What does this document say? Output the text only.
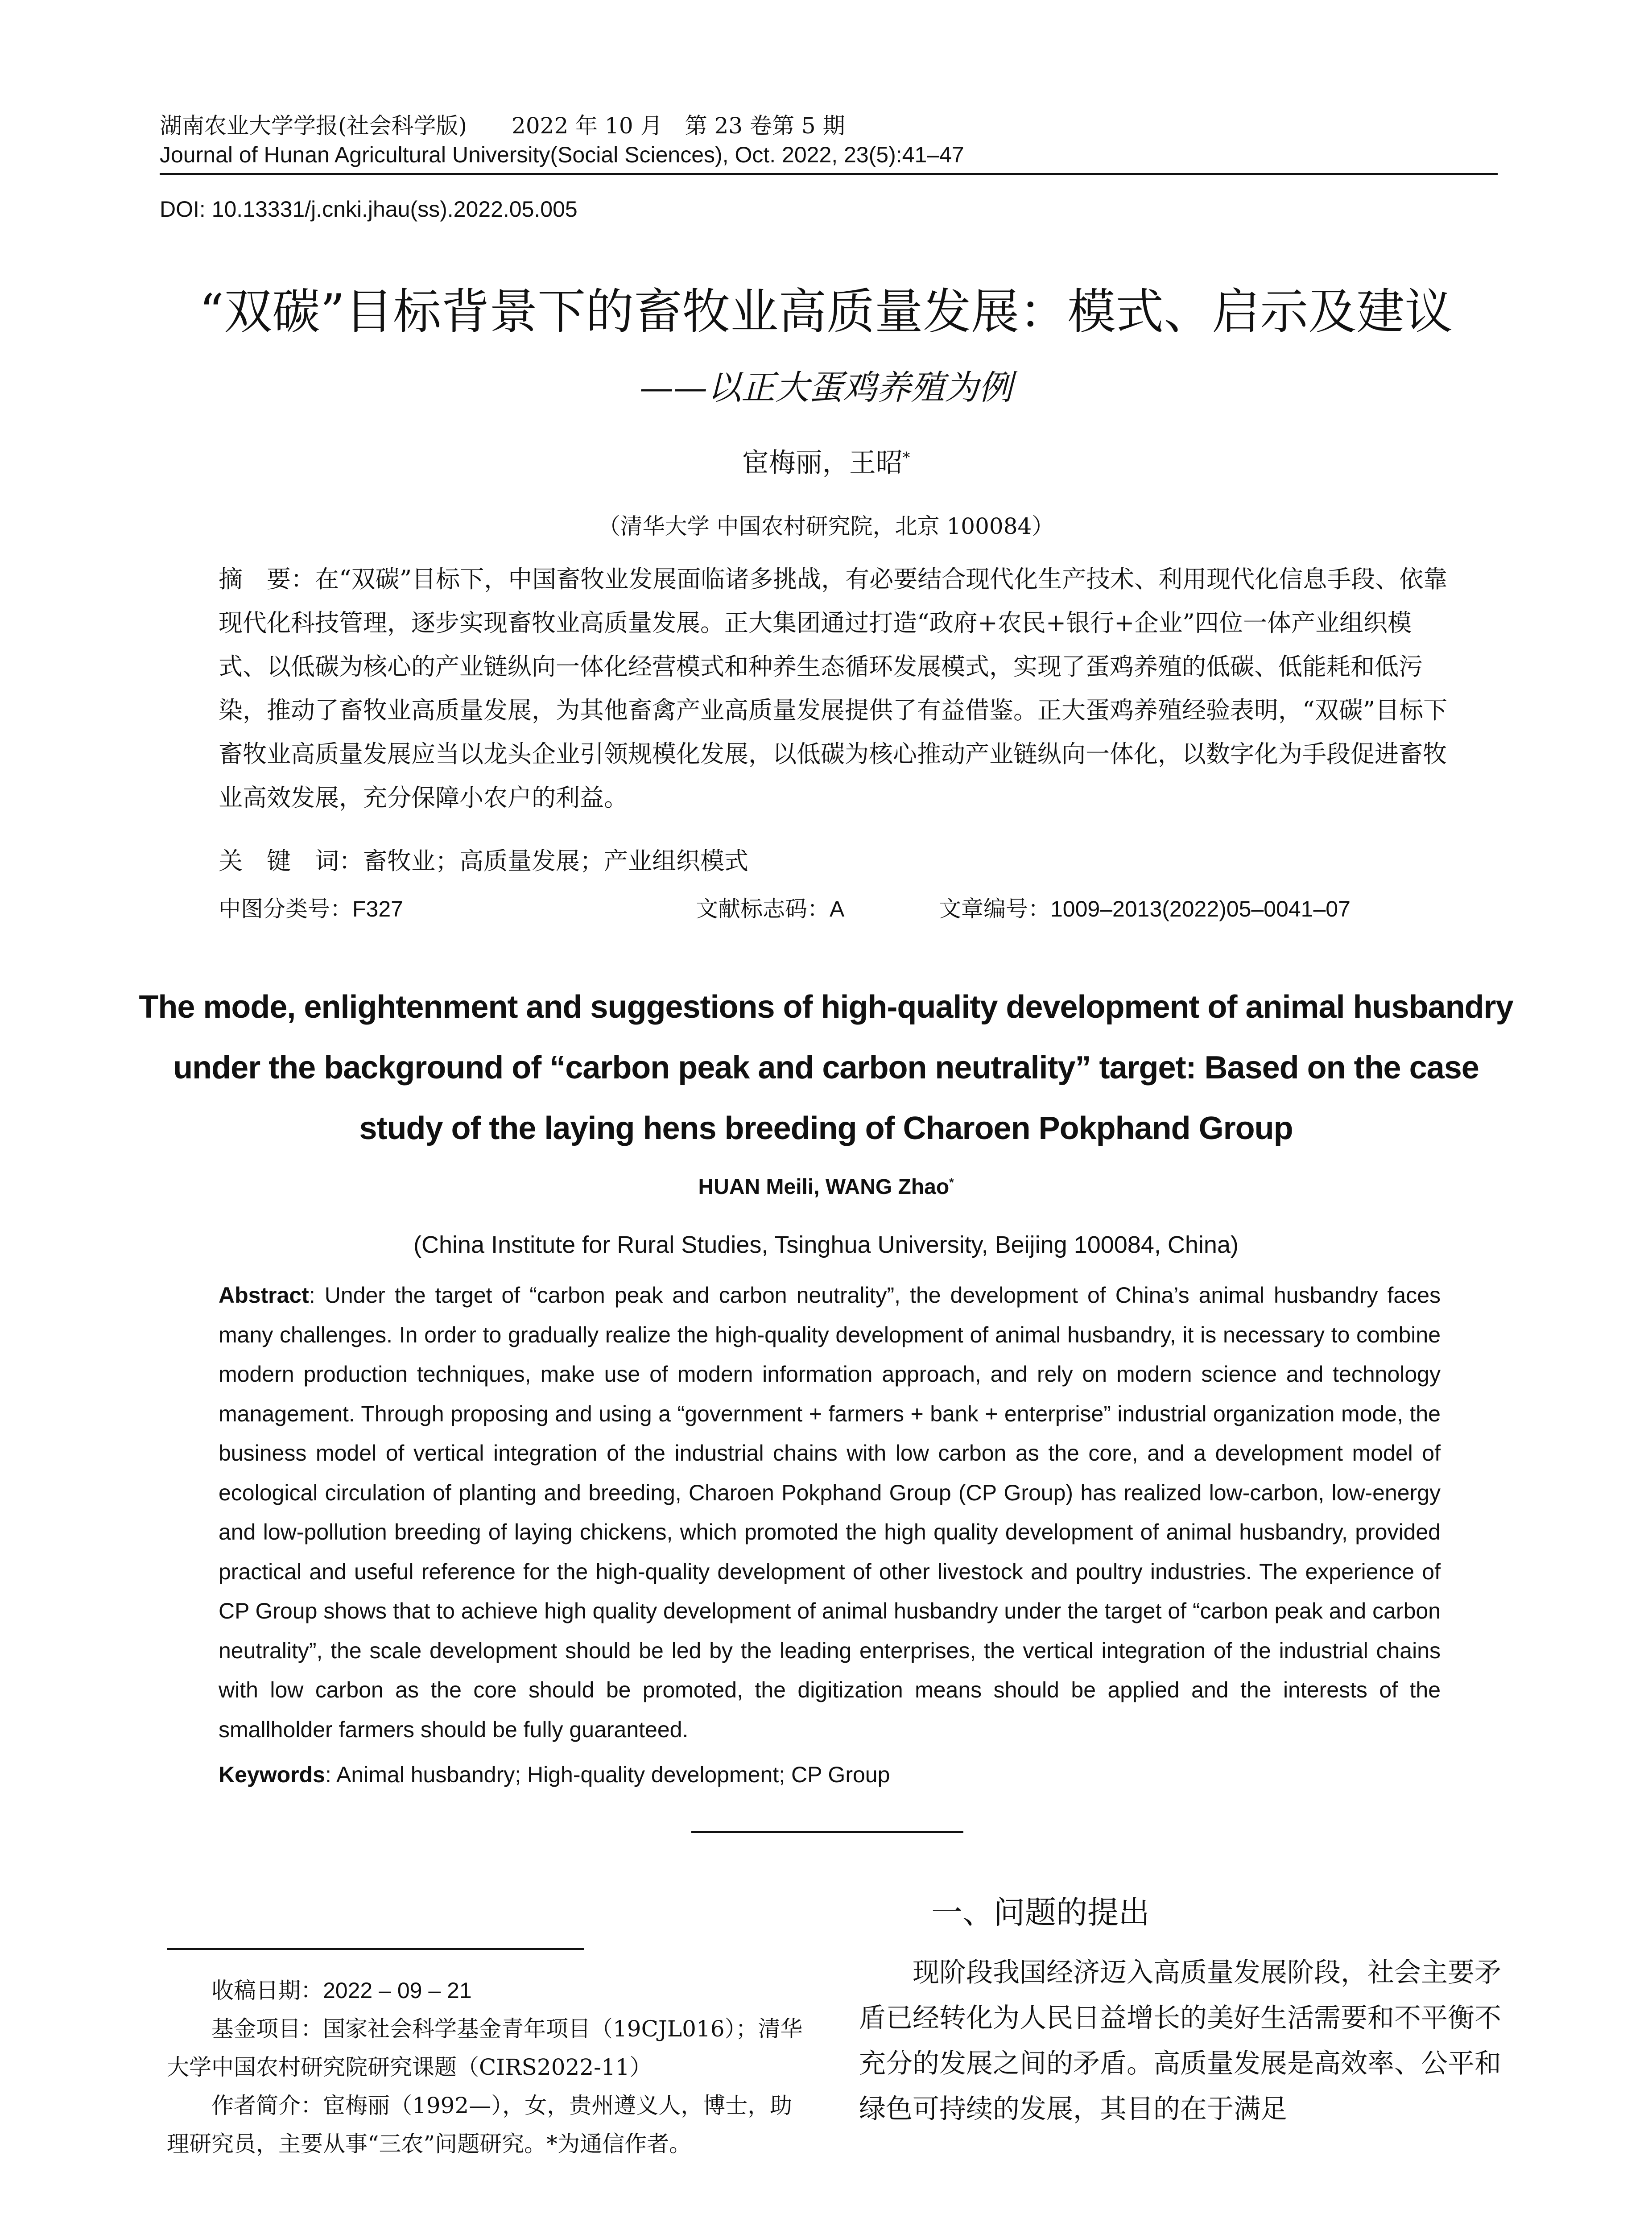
湖南农业大学学报(社会科学版)　　2022 年 10 月　第 23 卷第 5 期
Journal of Hunan Agricultural University(Social Sciences), Oct. 2022, 23(5):41–47
DOI: 10.13331/j.cnki.jhau(ss).2022.05.005
“双碳”目标背景下的畜牧业高质量发展：模式、启示及建议
——以正大蛋鸡养殖为例
宦梅丽，王昭*
（清华大学 中国农村研究院，北京 100084）
摘　要：在“双碳”目标下，中国畜牧业发展面临诸多挑战，有必要结合现代化生产技术、利用现代化信息手段、依靠现代化科技管理，逐步实现畜牧业高质量发展。正大集团通过打造“政府+农民+银行+企业”四位一体产业组织模式、以低碳为核心的产业链纵向一体化经营模式和种养生态循环发展模式，实现了蛋鸡养殖的低碳、低能耗和低污染，推动了畜牧业高质量发展，为其他畜禽产业高质量发展提供了有益借鉴。正大蛋鸡养殖经验表明，“双碳”目标下畜牧业高质量发展应当以龙头企业引领规模化发展，以低碳为核心推动产业链纵向一体化，以数字化为手段促进畜牧业高效发展，充分保障小农户的利益。
关　键　词：畜牧业；高质量发展；产业组织模式
中图分类号：F327	文献标志码：A	文章编号：1009–2013(2022)05–0041–07
The mode, enlightenment and suggestions of high-quality development of animal husbandry under the background of “carbon peak and carbon neutrality” target: Based on the case study of the laying hens breeding of Charoen Pokphand Group
HUAN Meili, WANG Zhao*
(China Institute for Rural Studies, Tsinghua University, Beijing 100084, China)
Abstract: Under the target of “carbon peak and carbon neutrality”, the development of China’s animal husbandry faces many challenges. In order to gradually realize the high-quality development of animal husbandry, it is necessary to combine modern production techniques, make use of modern information approach, and rely on modern science and technology management. Through proposing and using a “government + farmers + bank + enterprise” industrial organization mode, the business model of vertical integration of the industrial chains with low carbon as the core, and a development model of ecological circulation of planting and breeding, Charoen Pokphand Group (CP Group) has realized low-carbon, low-energy and low-pollution breeding of laying chickens, which promoted the high quality development of animal husbandry, provided practical and useful reference for the high-quality development of other livestock and poultry industries. The experience of CP Group shows that to achieve high quality development of animal husbandry under the target of “carbon peak and carbon neutrality”, the scale development should be led by the leading enterprises, the vertical integration of the industrial chains with low carbon as the core should be promoted, the digitization means should be applied and the interests of the smallholder farmers should be fully guaranteed.
Keywords: Animal husbandry; High-quality development; CP Group
一、问题的提出
　　现阶段我国经济迈入高质量发展阶段，社会主要矛盾已经转化为人民日益增长的美好生活需要和不平衡不充分的发展之间的矛盾。高质量发展是高效率、公平和绿色可持续的发展，其目的在于满足
　　收稿日期：2022 – 09 – 21
　　基金项目：国家社会科学基金青年项目（19CJL016）；清华大学中国农村研究院研究课题（CIRS2022-11）
　　作者简介：宦梅丽（1992—），女，贵州遵义人，博士，助理研究员，主要从事“三农”问题研究。*为通信作者。
